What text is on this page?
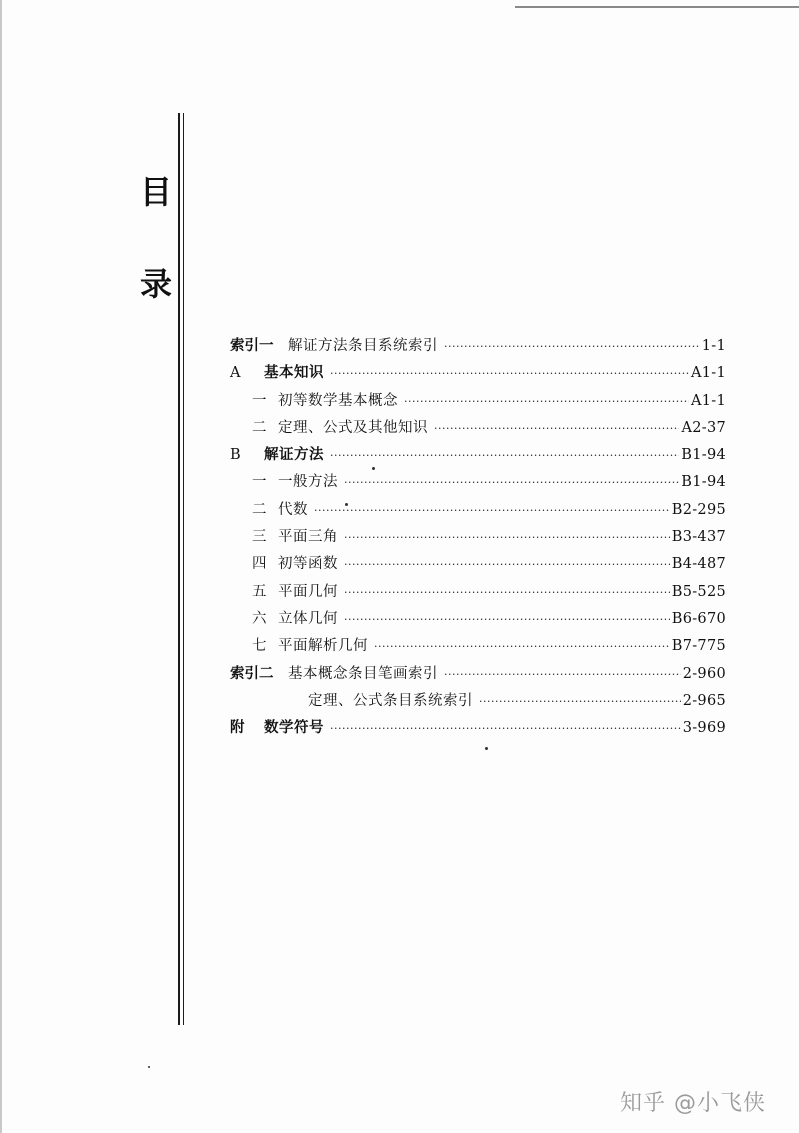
目
录
索引一	解证方法条目系统索引 ·····	1-1
A	基本知识 ·····	A1-1
一 初等数学基本概念 ·····	A1-1
二 定理、公式及其他知识 ·····	A2-37
B	解证方法 ·····	B1-94
一 一般方法 ·····	B1-94
二 代数 ·····	B2-295
三 平面三角 ·····	B3-437
四 初等函数 ·····	B4-487
五 平面几何 ·····	B5-525
六 立体几何 ·····	B6-670
七 平面解析几何 ·····	B7-775
索引二	基本概念条目笔画索引 ·····	2-960
定理、公式条目系统索引 ·····	2-965
附	数学符号 ·····	3-969
知乎 @小飞侠
